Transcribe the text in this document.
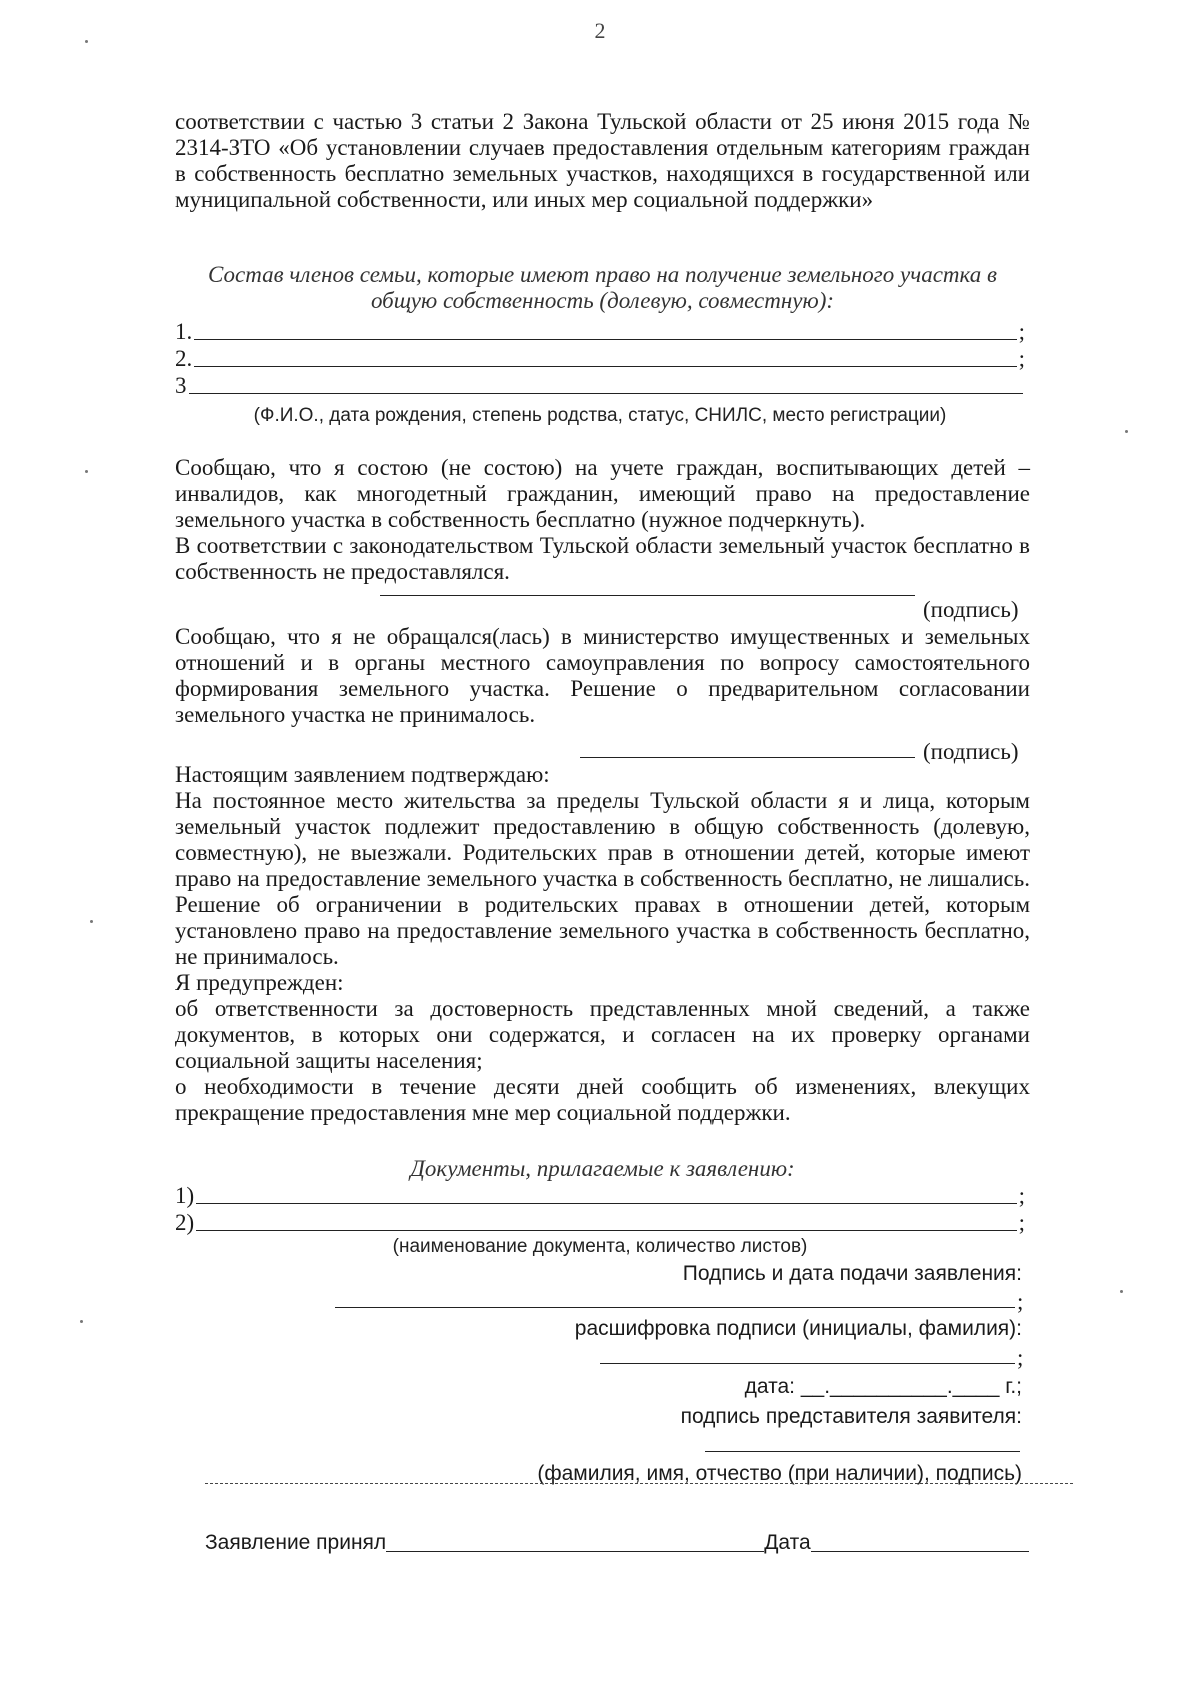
2

соответствии с частью 3 статьи 2 Закона Тульской области от 25 июня 2015 года № 2314-ЗТО «Об установлении случаев предоставления отдельным категориям граждан в собственность бесплатно земельных участков, находящихся в государственной или муниципальной собственности, или иных мер социальной поддержки»

Состав членов семьи, которые имеют право на получение земельного участка в общую собственность (долевую, совместную):
1.	;
2.	;
3
(Ф.И.О., дата рождения, степень родства, статус, СНИЛС, место регистрации)

Сообщаю, что я состою (не состою) на учете граждан, воспитывающих детей – инвалидов, как многодетный гражданин, имеющий право на предоставление земельного участка в собственность бесплатно (нужное подчеркнуть).

В соответствии с законодательством Тульской области земельный участок бесплатно в собственность не предоставлялся.

(подпись)

Сообщаю, что я не обращался(лась) в министерство имущественных и земельных отношений и в органы местного самоуправления по вопросу самостоятельного формирования земельного участка. Решение о предварительном согласовании земельного участка не принималось.

(подпись)

Настоящим заявлением подтверждаю:

На постоянное место жительства за пределы Тульской области я и лица, которым земельный участок подлежит предоставлению в общую собственность (долевую, совместную), не выезжали. Родительских прав в отношении детей, которые имеют право на предоставление земельного участка в собственность бесплатно, не лишались. Решение об ограничении в родительских правах в отношении детей, которым установлено право на предоставление земельного участка в собственность бесплатно, не принималось.

Я предупрежден:

об ответственности за достоверность представленных мной сведений, а также документов, в которых они содержатся, и согласен на их проверку органами социальной защиты населения;

о необходимости в течение десяти дней сообщить об изменениях, влекущих прекращение предоставления мне мер социальной поддержки.

Документы, прилагаемые к заявлению:
1)	;
2)	;
(наименование документа, количество листов)
Подпись и дата подачи заявления:
;
расшифровка подписи (инициалы, фамилия):
;
дата: __.__________.____ г.;
подпись представителя заявителя:
(фамилия, имя, отчество (при наличии), подпись)
Заявление принял	Дата
